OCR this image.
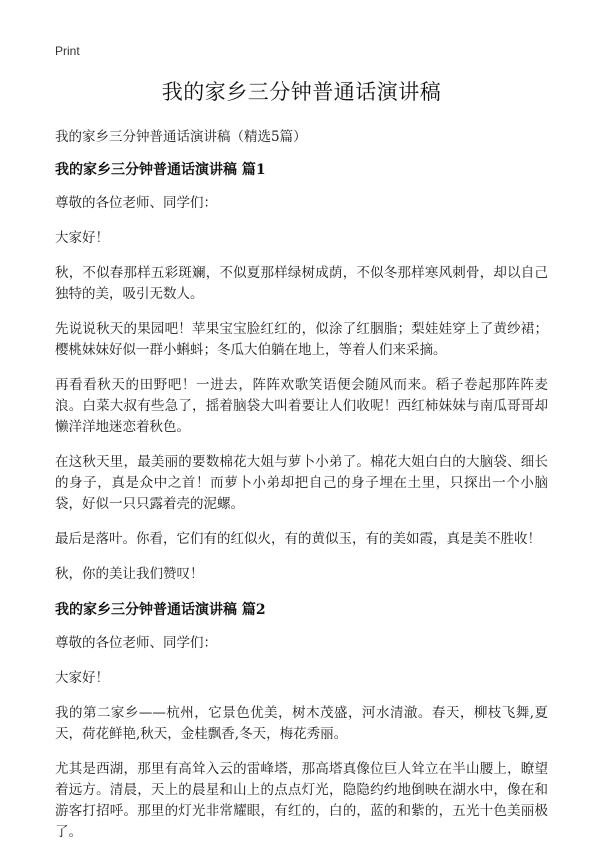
Print
我的家乡三分钟普通话演讲稿

我的家乡三分钟普通话演讲稿（精选5篇）

我的家乡三分钟普通话演讲稿 篇1

尊敬的各位老师、同学们：

大家好！

秋，不似春那样五彩斑斓，不似夏那样绿树成荫，不似冬那样寒风刺骨，却以自己独特的美，吸引无数人。

先说说秋天的果园吧！苹果宝宝脸红红的，似涂了红胭脂；梨娃娃穿上了黄纱裙；樱桃妹妹好似一群小蝌蚪；冬瓜大伯躺在地上，等着人们来采摘。

再看看秋天的田野吧！一进去，阵阵欢歌笑语便会随风而来。稻子卷起那阵阵麦浪。白菜大叔有些急了，摇着脑袋大叫着要让人们收呢！西红柿妹妹与南瓜哥哥却懒洋洋地迷恋着秋色。

在这秋天里，最美丽的要数棉花大姐与萝卜小弟了。棉花大姐白白的大脑袋、细长的身子，真是众中之首！而萝卜小弟却把自己的身子埋在土里，只探出一个小脑袋，好似一只只露着壳的泥螺。

最后是落叶。你看，它们有的红似火，有的黄似玉，有的美如霞，真是美不胜收！

秋，你的美让我们赞叹！

我的家乡三分钟普通话演讲稿 篇2

尊敬的各位老师、同学们：

大家好！

我的第二家乡——杭州，它景色优美，树木茂盛，河水清澈。春天，柳枝飞舞,夏天，荷花鲜艳,秋天，金桂飘香,冬天，梅花秀丽。

尤其是西湖，那里有高耸入云的雷峰塔，那高塔真像位巨人耸立在半山腰上，瞭望着远方。清晨，天上的晨星和山上的点点灯光，隐隐约约地倒映在湖水中，像在和游客打招呼。那里的灯光非常耀眼，有红的，白的，蓝的和紫的，五光十色美丽极了。
